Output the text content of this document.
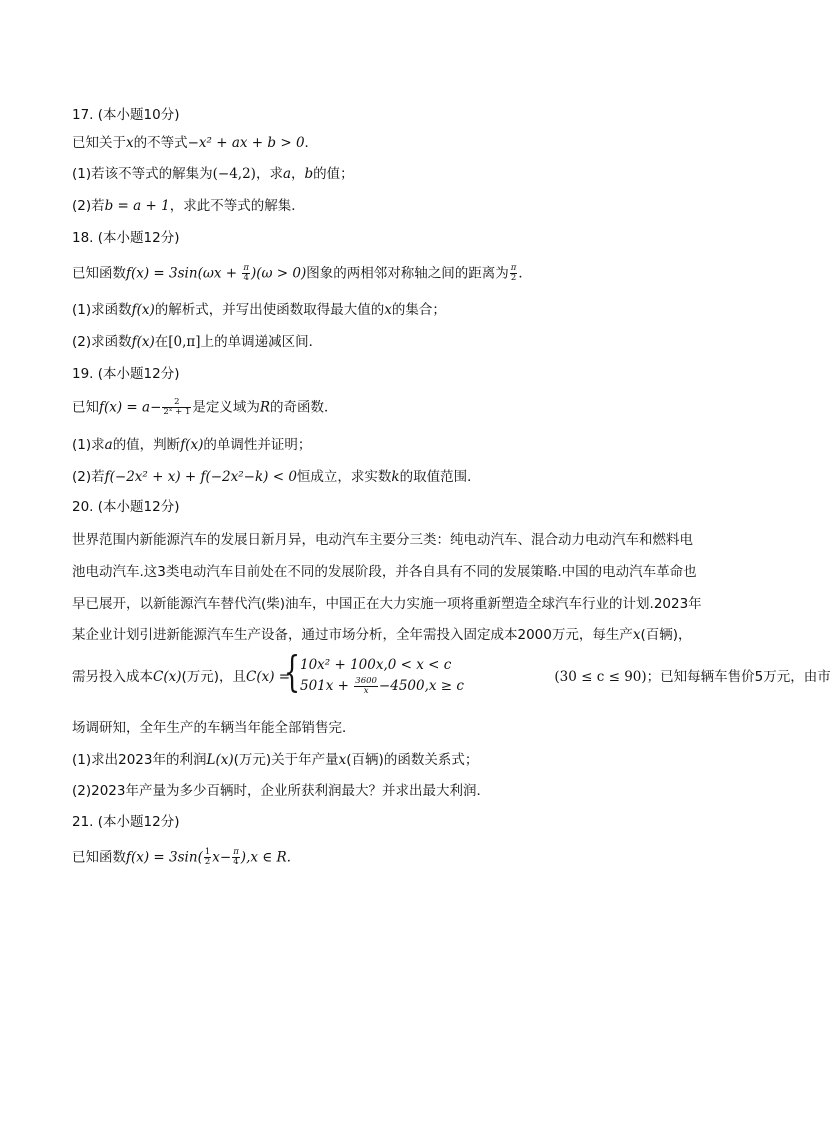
17. (本小题10分)
已知关于x的不等式−x² + ax + b > 0．
(1)若该不等式的解集为(−4,2)，求a，b的值；
(2)若b = a + 1，求此不等式的解集．
18. (本小题12分)
已知函数$f(x) = 3\sin(\omega x + \frac{\pi}{4} )(\omega > 0)$图象的两相邻对称轴之间的距离为 $\frac{\pi}{2}$ ．
(1)求函数f(x)的解析式，并写出使函数取得最大值的x的集合；
(2)求函数f(x)在[0,π]上的单调递减区间．
19. (本小题12分)
已知$f(x) = a- \frac{2}{\text{2ˣ + 1}}$ 是定义域为R的奇函数．
(1)求a的值，判断f(x)的单调性并证明；
(2)若f(−2x² + x) + f(−2x²−k) < 0恒成立，求实数k的取值范围．
20. (本小题12分)
世界范围内新能源汽车的发展日新月异，电动汽车主要分三类：纯电动汽车、混合动力电动汽车和燃料电
池电动汽车.这3类电动汽车目前处在不同的发展阶段，并各自具有不同的发展策略.中国的电动汽车革命也
早已展开，以新能源汽车替代汽(柴)油车，中国正在大力实施一项将重新塑造全球汽车行业的计划.2023年
某企业计划引进新能源汽车生产设备，通过市场分析，全年需投入固定成本2000万元，每生产x(百辆)，
需另投入成本C(x)(万元)，且C(x) =	(30 ≤ c ≤ 90)；已知每辆车售价5万元，由市
{ 10x² + 100x,0 < x < c
$501x + \frac{3600}{x} -4500,x \ge c$
场调研知，全年生产的车辆当年能全部销售完．
(1)求出2023年的利润L(x)(万元)关于年产量x(百辆)的函数关系式；
(2)2023年产量为多少百辆时，企业所获利润最大？并求出最大利润．
21. (本小题12分)
已知函数$f(x) = 3\sin( \frac{1}{2} x- \frac{\pi}{4} ),x$ ∈ R．
